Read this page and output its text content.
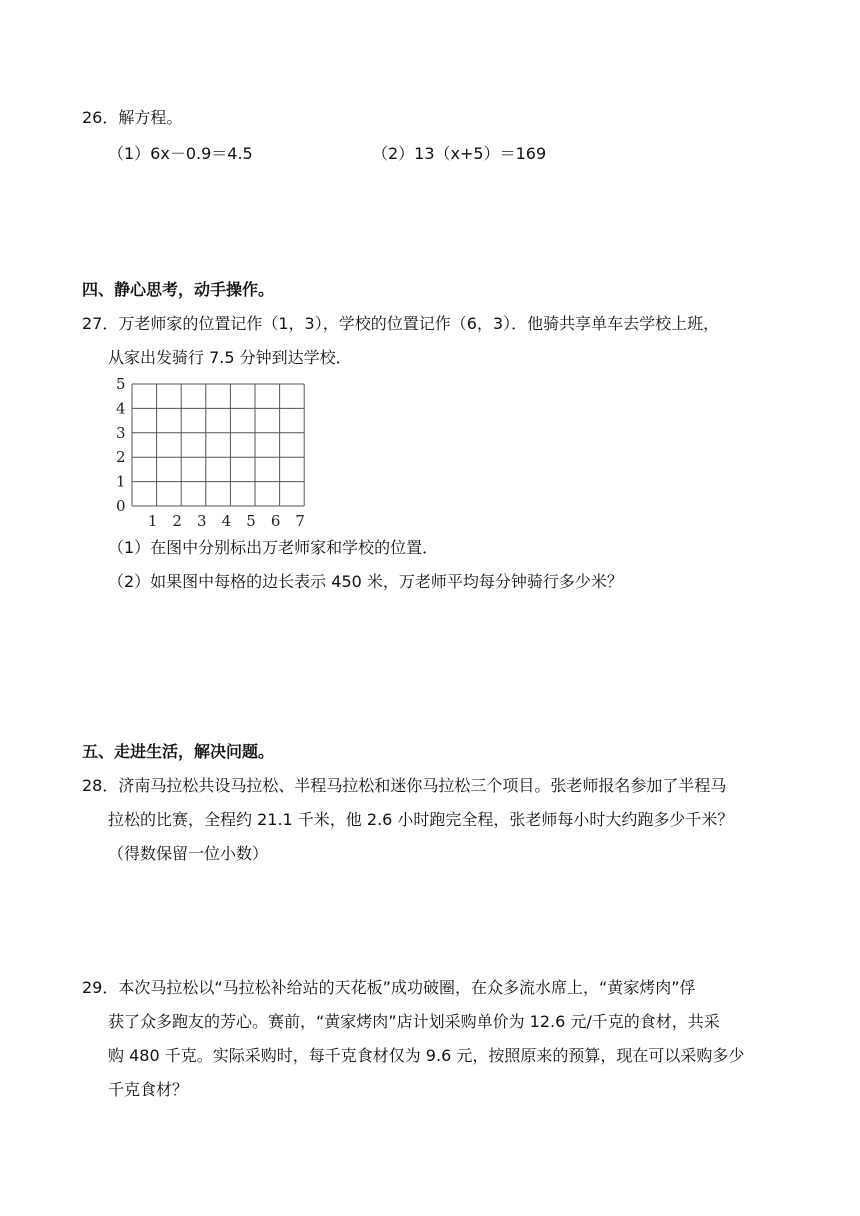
26．解方程。
（1）6x－0.9＝4.5	（2）13（x+5）＝169
四、静心思考，动手操作。
27．万老师家的位置记作（1，3），学校的位置记作（6，3）．他骑共享单车去学校上班，
从家出发骑行 7.5 分钟到达学校．
5
4
3
2
1
0
1 2 3 4 5 6 7
（1）在图中分别标出万老师家和学校的位置．
（2）如果图中每格的边长表示 450 米，万老师平均每分钟骑行多少米？
五、走进生活，解决问题。
28．济南马拉松共设马拉松、半程马拉松和迷你马拉松三个项目。张老师报名参加了半程马
拉松的比赛，全程约 21.1 千米，他 2.6 小时跑完全程，张老师每小时大约跑多少千米？
（得数保留一位小数）
29．本次马拉松以“马拉松补给站的天花板”成功破圈，在众多流水席上，“黄家烤肉”俘
获了众多跑友的芳心。赛前，“黄家烤肉”店计划采购单价为 12.6 元/千克的食材，共采
购 480 千克。实际采购时，每千克食材仅为 9.6 元，按照原来的预算，现在可以采购多少
千克食材？
